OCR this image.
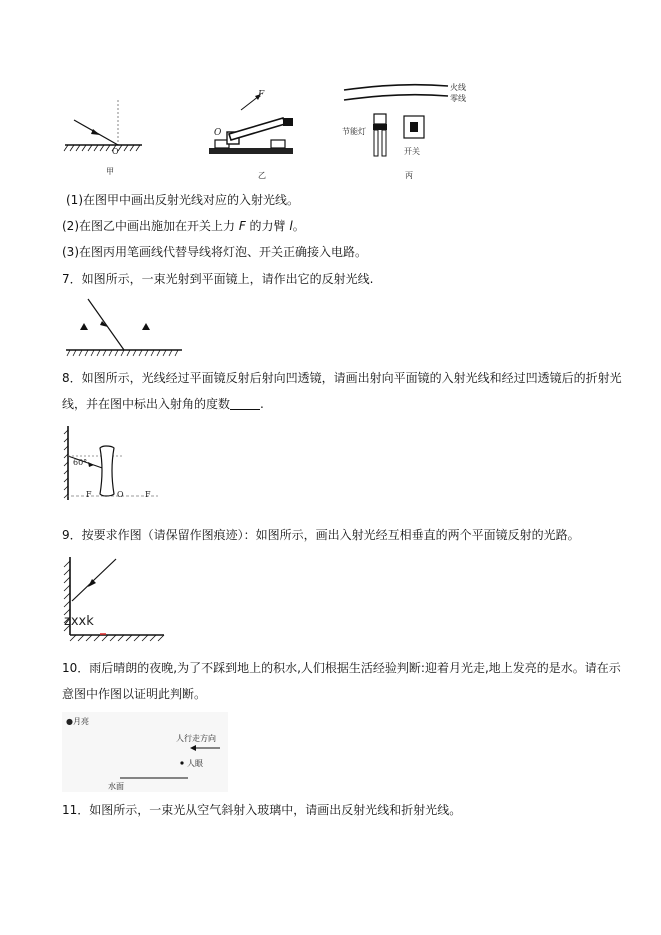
O
甲
F
O
乙
火线
零线
节能灯
开关
丙
(1)在图甲中画出反射光线对应的入射光线。
(2)在图乙中画出施加在开关上力 F 的力臂 l。
(3)在图丙用笔画线代替导线将灯泡、开关正确接入电路。
7．如图所示，一束光射到平面镜上，请作出它的反射光线.
8．如图所示，光线经过平面镜反射后射向凹透镜，请画出射向平面镜的入射光线和经过凹透镜后的折射光
线，并在图中标出入射角的度数	.
60°
F	O	F
9．按要求作图（请保留作图痕迹）：如图所示，画出入射光经互相垂直的两个平面镜反射的光路。
zxxk
10．雨后晴朗的夜晚,为了不踩到地上的积水,人们根据生活经验判断:迎着月光走,地上发亮的是水。请在示
意图中作图以证明此判断。
●月亮
人行走方向
人眼
水面
11．如图所示，一束光从空气斜射入玻璃中，请画出反射光线和折射光线。
